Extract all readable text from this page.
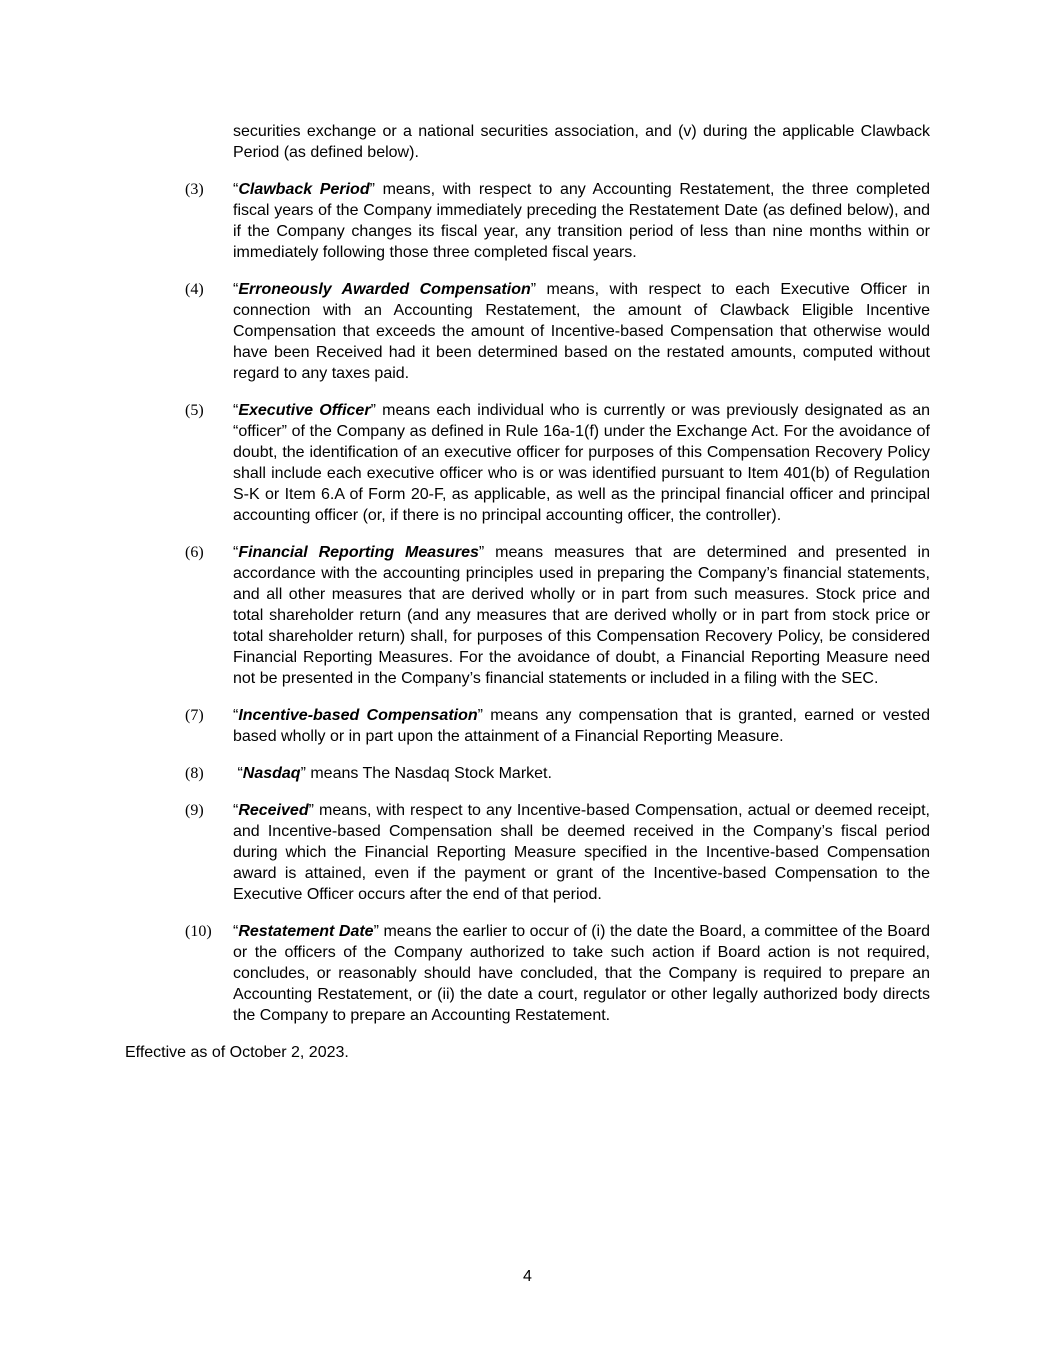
securities exchange or a national securities association, and (v) during the applicable Clawback Period (as defined below).

(3)	“Clawback Period” means, with respect to any Accounting Restatement, the three completed fiscal years of the Company immediately preceding the Restatement Date (as defined below), and if the Company changes its fiscal year, any transition period of less than nine months within or immediately following those three completed fiscal years.
(4)	“Erroneously Awarded Compensation” means, with respect to each Executive Officer in connection with an Accounting Restatement, the amount of Clawback Eligible Incentive Compensation that exceeds the amount of Incentive-based Compensation that otherwise would have been Received had it been determined based on the restated amounts, computed without regard to any taxes paid.
(5)	“Executive Officer” means each individual who is currently or was previously designated as an “officer” of the Company as defined in Rule 16a-1(f) under the Exchange Act. For the avoidance of doubt, the identification of an executive officer for purposes of this Compensation Recovery Policy shall include each executive officer who is or was identified pursuant to Item 401(b) of Regulation S-K or Item 6.A of Form 20-F, as applicable, as well as the principal financial officer and principal accounting officer (or, if there is no principal accounting officer, the controller).
(6)	“Financial Reporting Measures” means measures that are determined and presented in accordance with the accounting principles used in preparing the Company’s financial statements, and all other measures that are derived wholly or in part from such measures. Stock price and total shareholder return (and any measures that are derived wholly or in part from stock price or total shareholder return) shall, for purposes of this Compensation Recovery Policy, be considered Financial Reporting Measures. For the avoidance of doubt, a Financial Reporting Measure need not be presented in the Company’s financial statements or included in a filing with the SEC.
(7)	“Incentive-based Compensation” means any compensation that is granted, earned or vested based wholly or in part upon the attainment of a Financial Reporting Measure.
(8)	“Nasdaq” means The Nasdaq Stock Market.
(9)	“Received” means, with respect to any Incentive-based Compensation, actual or deemed receipt, and Incentive-based Compensation shall be deemed received in the Company’s fiscal period during which the Financial Reporting Measure specified in the Incentive-based Compensation award is attained, even if the payment or grant of the Incentive-based Compensation to the Executive Officer occurs after the end of that period.
(10)	“Restatement Date” means the earlier to occur of (i) the date the Board, a committee of the Board or the officers of the Company authorized to take such action if Board action is not required, concludes, or reasonably should have concluded, that the Company is required to prepare an Accounting Restatement, or (ii) the date a court, regulator or other legally authorized body directs the Company to prepare an Accounting Restatement.

Effective as of October 2, 2023.

4
